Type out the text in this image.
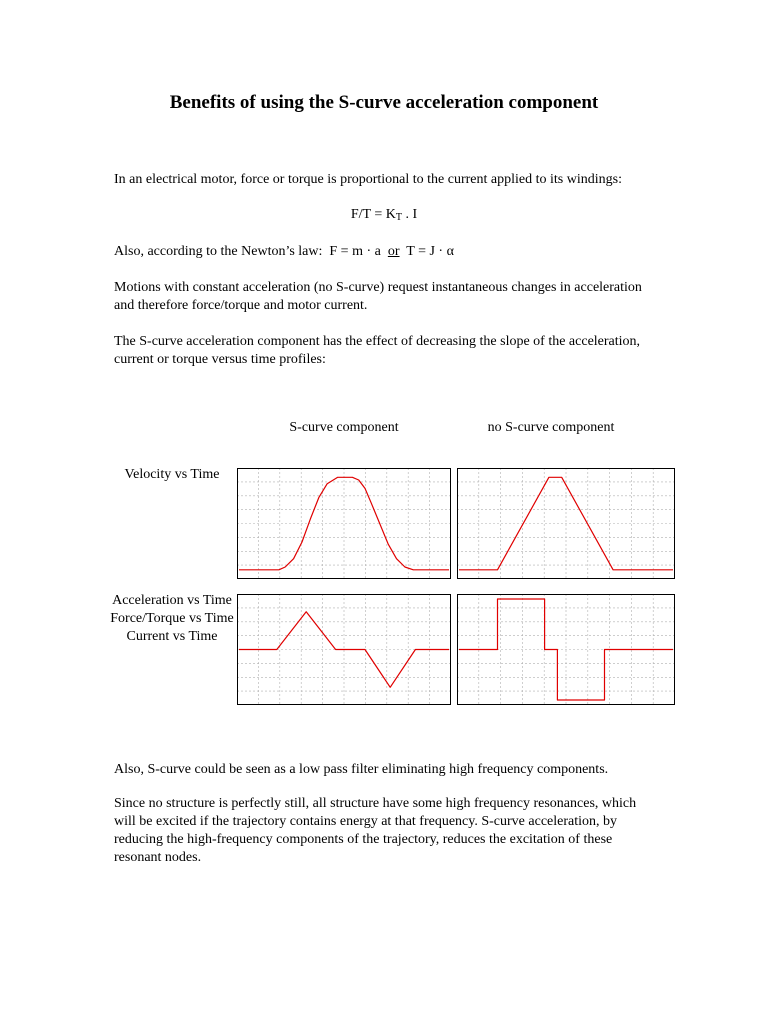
Benefits of using the S-curve acceleration component
In an electrical motor, force or torque is proportional to the current applied to its windings:
$F/T = K_T$ . I
Also, according to the Newton’s law:  F = m · a  or  T = J · α
Motions with constant acceleration (no S-curve) request instantaneous changes in acceleration and therefore force/torque and motor current.
The S-curve acceleration component has the effect of decreasing the slope of the acceleration, current or torque versus time profiles:
S-curve component	no S-curve component
Velocity vs Time
Acceleration vs Time
Force/Torque vs Time
Current vs Time
Also, S-curve could be seen as a low pass filter eliminating high frequency components.
Since no structure is perfectly still, all structure have some high frequency resonances, which will be excited if the trajectory contains energy at that frequency. S-curve acceleration, by reducing the high-frequency components of the trajectory, reduces the excitation of these resonant nodes.
